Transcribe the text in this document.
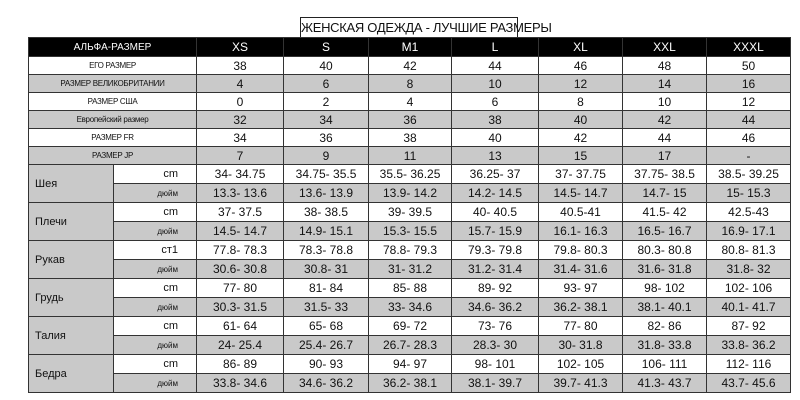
ЖЕНСКАЯ ОДЕЖДА - ЛУЧШИЕ РАЗМЕРЫ
АЛЬФА-РАЗМЕР		XS	S	M1	L	XL	XXL	XXXL
ЕГО РАЗМЕР		38	40	42	44	46	48	50
РАЗМЕР ВЕЛИКОБРИТАНИИ		4	6	8	10	12	14	16
РАЗМЕР США		0	2	4	6	8	10	12
Европейский размер		32	34	36	38	40	42	44
РАЗМЕР FR		34	36	38	40	42	44	46
РАЗМЕР JP		7	9	11	13	15	17	-
Шея	cm	34- 34.75	34.75- 35.5	35.5- 36.25	36.25- 37	37- 37.75	37.75- 38.5	38.5- 39.25
	дюйм	13.3- 13.6	13.6- 13.9	13.9- 14.2	14.2- 14.5	14.5- 14.7	14.7- 15	15- 15.3
Плечи	cm	37- 37.5	38- 38.5	39- 39.5	40- 40.5	40.5-41	41.5- 42	42.5-43
	дюйм	14.5- 14.7	14.9- 15.1	15.3- 15.5	15.7- 15.9	16.1- 16.3	16.5- 16.7	16.9- 17.1
Рукав	ст1	77.8- 78.3	78.3- 78.8	78.8- 79.3	79.3- 79.8	79.8- 80.3	80.3- 80.8	80.8- 81.3
	дюйм	30.6- 30.8	30.8- 31	31- 31.2	31.2- 31.4	31.4- 31.6	31.6- 31.8	31.8- 32
Грудь	cm	77- 80	81- 84	85- 88	89- 92	93- 97	98- 102	102- 106
	дюйм	30.3- 31.5	31.5- 33	33- 34.6	34.6- 36.2	36.2- 38.1	38.1- 40.1	40.1- 41.7
Талия	cm	61- 64	65- 68	69- 72	73- 76	77- 80	82- 86	87- 92
	дюйм	24- 25.4	25.4- 26.7	26.7- 28.3	28.3- 30	30- 31.8	31.8- 33.8	33.8- 36.2
Бедра	cm	86- 89	90- 93	94- 97	98- 101	102- 105	106- 111	112- 116
	дюйм	33.8- 34.6	34.6- 36.2	36.2- 38.1	38.1- 39.7	39.7- 41.3	41.3- 43.7	43.7- 45.6
